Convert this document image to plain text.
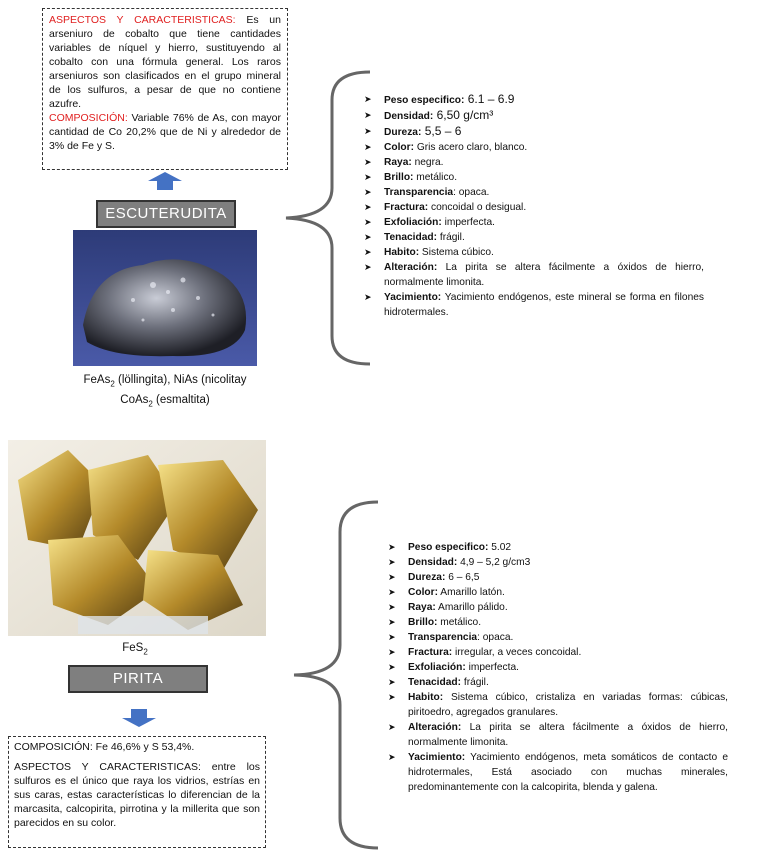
ASPECTOS Y CARACTERISTICAS: Es un arseniuro de cobalto que tiene cantidades variables de níquel y hierro, sustituyendo al cobalto con una fórmula general. Los raros arseniuros son clasificados en el grupo mineral de los sulfuros, a pesar de que no contiene azufre.
COMPOSICIÓN: Variable 76% de As, con mayor cantidad de Co 20,2% que de Ni y alrededor de 3% de Fe y S.
ESCUTERUDITA
FeAs$_2$ (löllingita), NiAs (nicolitay
CoAs$_2$ (esmaltita)
➤ Peso especifico: 6.1 – 6.9
➤ Densidad: 6,50 g/cm³
➤ Dureza: 5,5 – 6
➤ Color: Gris acero claro, blanco.
➤ Raya: negra.
➤ Brillo: metálico.
➤ Transparencia: opaca.
➤ Fractura: concoidal o desigual.
➤ Exfoliación: imperfecta.
➤ Tenacidad: frágil.
➤ Habito: Sistema cúbico.
➤ Alteración: La pirita se altera fácilmente a óxidos de hierro, normalmente limonita.
➤ Yacimiento: Yacimiento endógenos, este mineral se forma en filones hidrotermales.
FeS$_2$
PIRITA
COMPOSICIÓN: Fe 46,6% y S 53,4%.
ASPECTOS Y CARACTERISTICAS: entre los sulfuros es el único que raya los vidrios, estrías en sus caras, estas características lo diferencian de la marcasita, calcopirita, pirrotina y la millerita que son parecidos en su color.
➤ Peso especifico: 5.02
➤ Densidad: 4,9 – 5,2 g/cm3
➤ Dureza: 6 – 6,5
➤ Color: Amarillo latón.
➤ Raya: Amarillo pálido.
➤ Brillo: metálico.
➤ Transparencia: opaca.
➤ Fractura: irregular, a veces concoidal.
➤ Exfoliación: imperfecta.
➤ Tenacidad: frágil.
➤ Habito: Sistema cúbico, cristaliza en variadas formas: cúbicas, piritoedro, agregados granulares.
➤ Alteración: La pirita se altera fácilmente a óxidos de hierro, normalmente limonita.
➤ Yacimiento: Yacimiento endógenos, meta somáticos de contacto e hidrotermales, Está asociado con muchas minerales, predominantemente con la calcopirita, blenda y galena.
